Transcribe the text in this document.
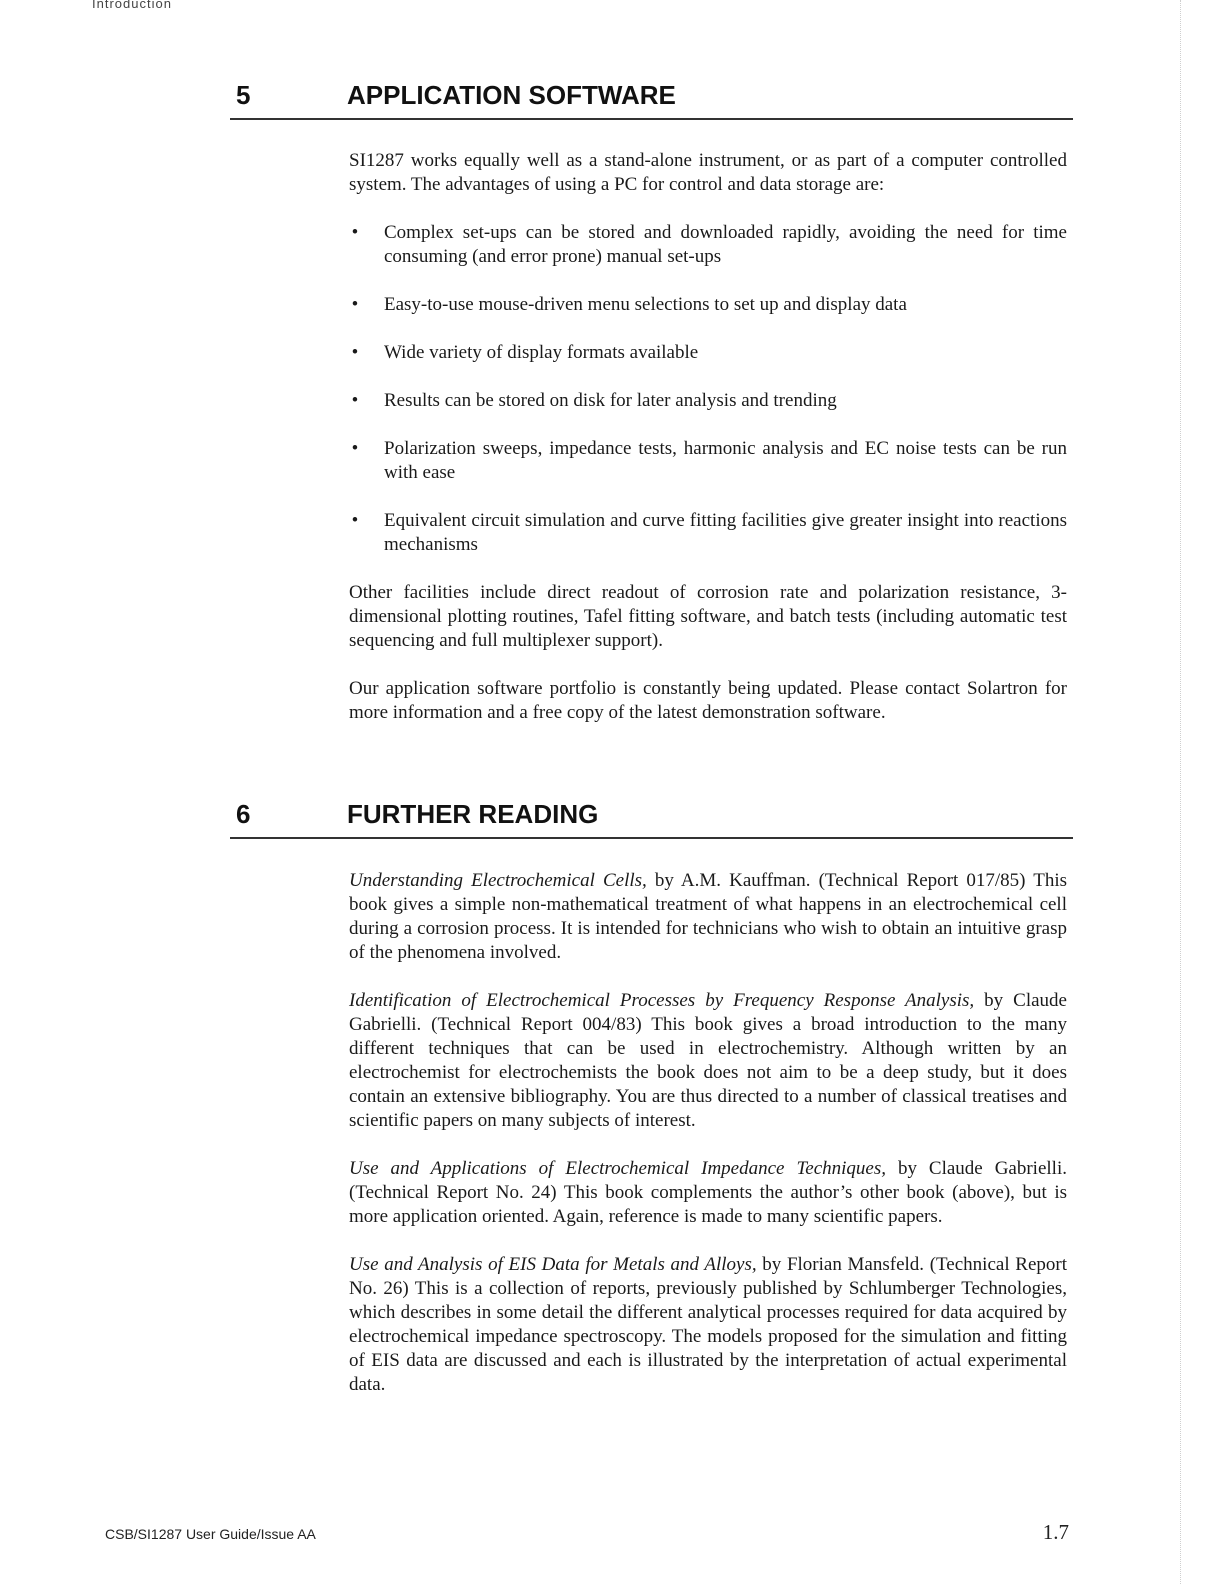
Introduction
5	APPLICATION SOFTWARE

SI1287 works equally well as a stand-alone instrument, or as part of a computer controlled system. The advantages of using a PC for control and data storage are:

• Complex set-ups can be stored and downloaded rapidly, avoiding the need for time consuming (and error prone) manual set-ups
• Easy-to-use mouse-driven menu selections to set up and display data
• Wide variety of display formats available
• Results can be stored on disk for later analysis and trending
• Polarization sweeps, impedance tests, harmonic analysis and EC noise tests can be run with ease
• Equivalent circuit simulation and curve fitting facilities give greater insight into reactions mechanisms

Other facilities include direct readout of corrosion rate and polarization resistance, 3-dimensional plotting routines, Tafel fitting software, and batch tests (including automatic test sequencing and full multiplexer support).

Our application software portfolio is constantly being updated. Please contact Solartron for more information and a free copy of the latest demonstration software.

6	FURTHER READING

Understanding Electrochemical Cells, by A.M. Kauffman. (Technical Report 017/85) This book gives a simple non-mathematical treatment of what happens in an electrochemical cell during a corrosion process. It is intended for technicians who wish to obtain an intuitive grasp of the phenomena involved.

Identification of Electrochemical Processes by Frequency Response Analysis, by Claude Gabrielli. (Technical Report 004/83) This book gives a broad introduction to the many different techniques that can be used in electrochemistry. Although written by an electrochemist for electrochemists the book does not aim to be a deep study, but it does contain an extensive bibliography. You are thus directed to a number of classical treatises and scientific papers on many subjects of interest.

Use and Applications of Electrochemical Impedance Techniques, by Claude Gabrielli. (Technical Report No. 24) This book complements the author’s other book (above), but is more application oriented. Again, reference is made to many scientific papers.

Use and Analysis of EIS Data for Metals and Alloys, by Florian Mansfeld. (Technical Report No. 26) This is a collection of reports, previously published by Schlumberger Technologies, which describes in some detail the different analytical processes required for data acquired by electrochemical impedance spectroscopy. The models proposed for the simulation and fitting of EIS data are discussed and each is illustrated by the interpretation of actual experimental data.

CSB/SI1287 User Guide/Issue AA	1.7
